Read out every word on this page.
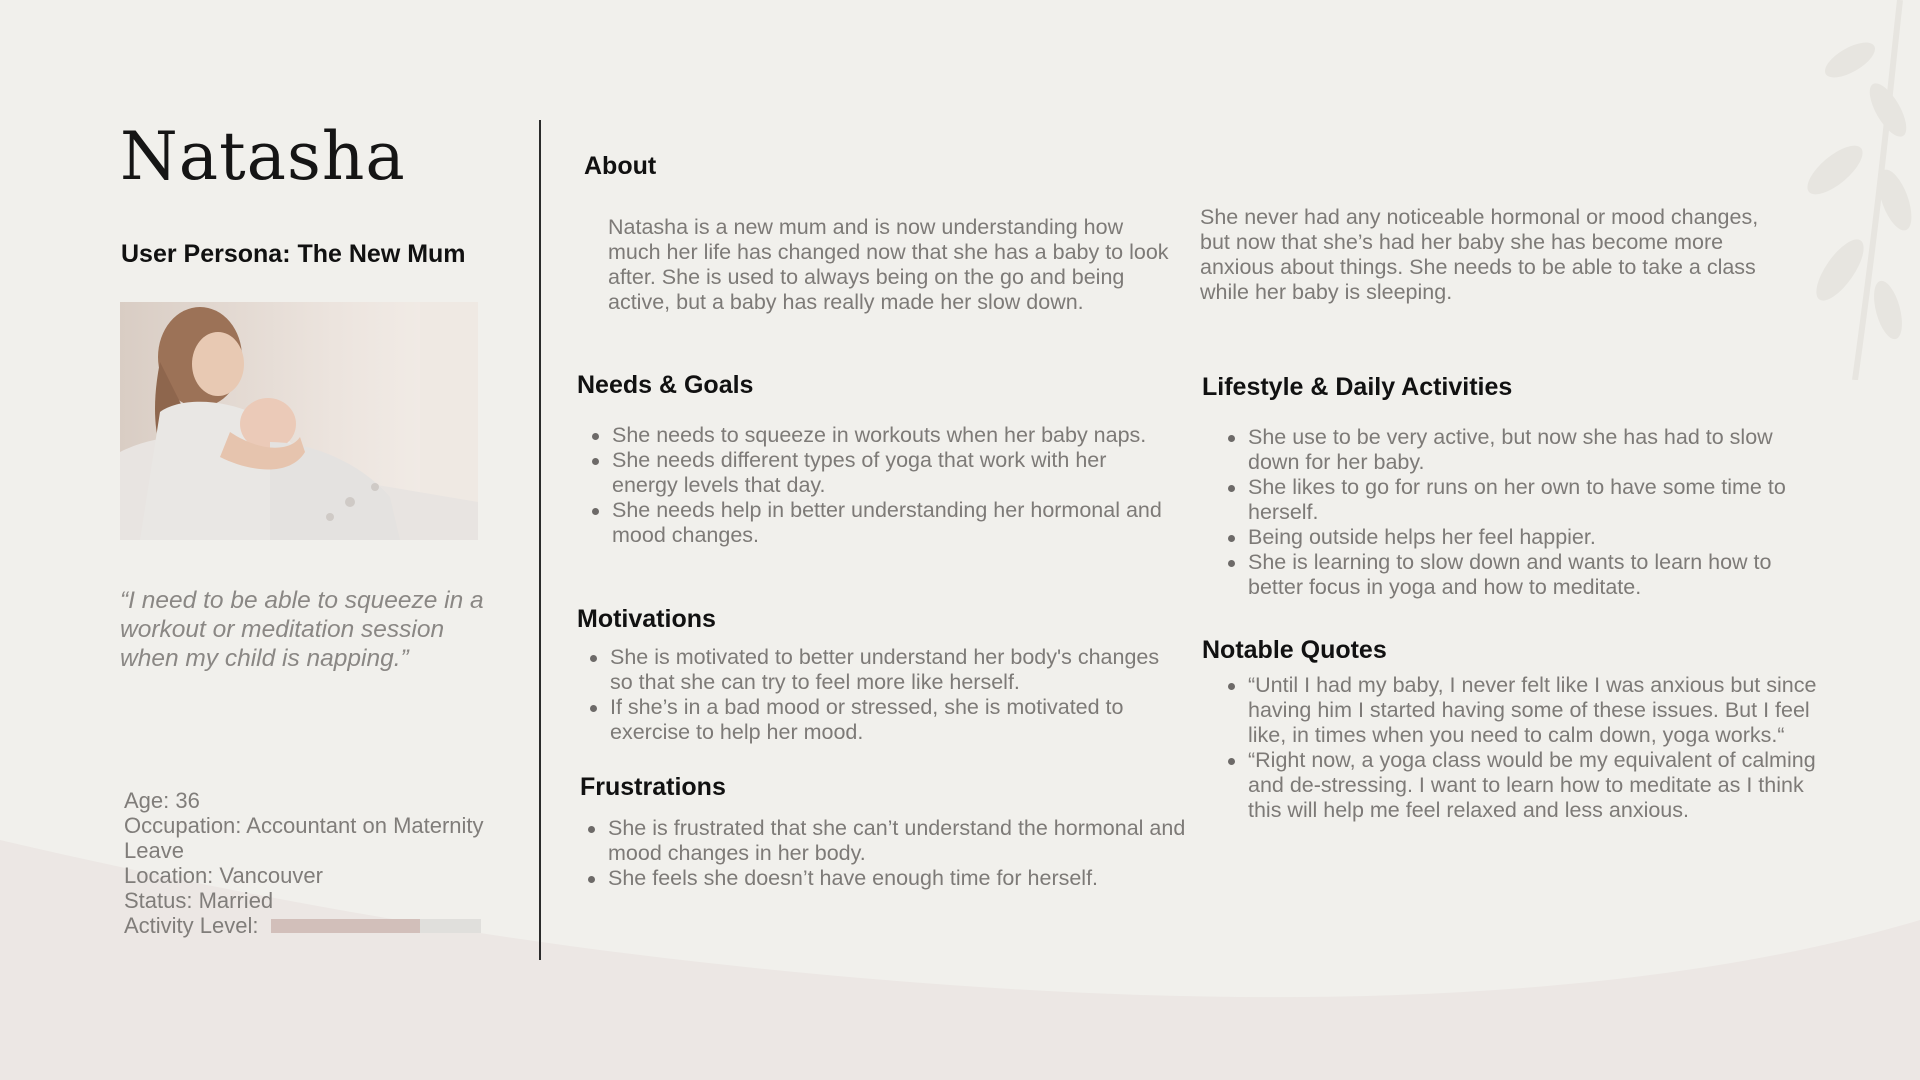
Natasha
User Persona: The New Mum

“I need to be able to squeeze in a workout or meditation session when my child is napping.”

Age: 36
Occupation: Accountant on Maternity Leave
Location: Vancouver
Status: Married
Activity Level:
About

Natasha is a new mum and is now understanding how much her life has changed now that she has a baby to look after. She is used to always being on the go and being active, but a baby has really made her slow down.

She never had any noticeable hormonal or mood changes, but now that she’s had her baby she has become more anxious about things. She needs to be able to take a class while her baby is sleeping.

Needs & Goals
She needs to squeeze in workouts when her baby naps.
She needs different types of yoga that work with her energy levels that day.
She needs help in better understanding her hormonal and mood changes.
Motivations
She is motivated to better understand her body's changes so that she can try to feel more like herself.
If she’s in a bad mood or stressed, she is motivated to exercise to help her mood.
Frustrations
She is frustrated that she can’t understand the hormonal and mood changes in her body.
She feels she doesn’t have enough time for herself.
Lifestyle & Daily Activities
She use to be very active, but now she has had to slow down for her baby.
She likes to go for runs on her own to have some time to herself.
Being outside helps her feel happier.
She is learning to slow down and wants to learn how to better focus in yoga and how to meditate.
Notable Quotes
“Until I had my baby, I never felt like I was anxious but since having him I started having some of these issues. But I feel like, in times when you need to calm down, yoga works.“
“Right now, a yoga class would be my equivalent of calming and de-stressing. I want to learn how to meditate as I think this will help me feel relaxed and less anxious.
